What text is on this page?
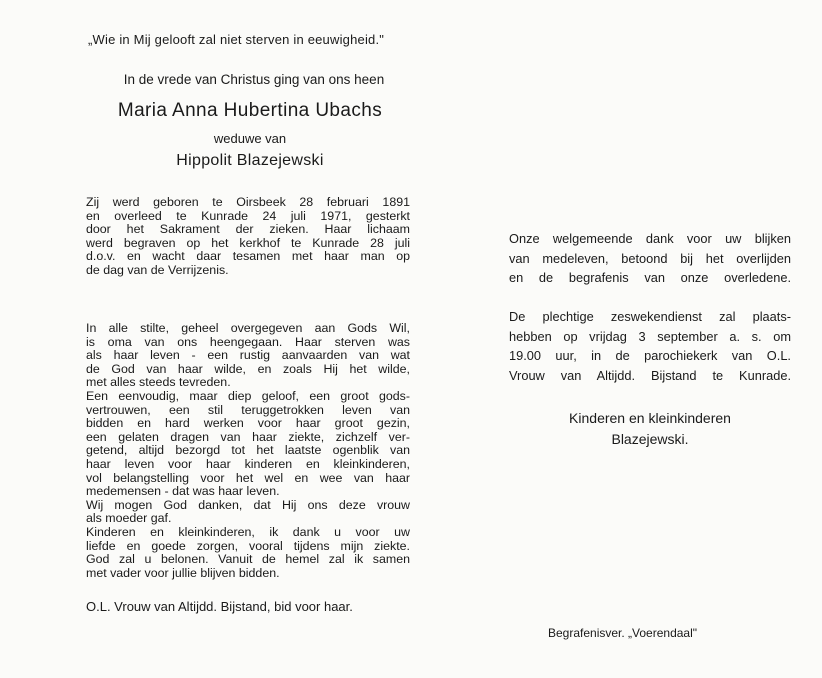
„Wie in Mij gelooft zal niet sterven in eeuwigheid."
In de vrede van Christus ging van ons heen
Maria Anna Hubertina Ubachs
weduwe van
Hippolit Blazejewski
Zij werd geboren te Oirsbeek 28 februari 1891
en overleed te Kunrade 24 juli 1971, gesterkt
door het Sakrament der zieken. Haar lichaam
werd begraven op het kerkhof te Kunrade 28 juli
d.o.v. en wacht daar tesamen met haar man op
de dag van de Verrijzenis.
In alle stilte, geheel overgegeven aan Gods Wil,
is oma van ons heengegaan. Haar sterven was
als haar leven - een rustig aanvaarden van wat
de God van haar wilde, en zoals Hij het wilde,
met alles steeds tevreden.
Een eenvoudig, maar diep geloof, een groot gods-
vertrouwen, een stil teruggetrokken leven van
bidden en hard werken voor haar groot gezin,
een gelaten dragen van haar ziekte, zichzelf ver-
getend, altijd bezorgd tot het laatste ogenblik van
haar leven voor haar kinderen en kleinkinderen,
vol belangstelling voor het wel en wee van haar
medemensen - dat was haar leven.
Wij mogen God danken, dat Hij ons deze vrouw
als moeder gaf.
Kinderen en kleinkinderen, ik dank u voor uw
liefde en goede zorgen, vooral tijdens mijn ziekte.
God zal u belonen. Vanuit de hemel zal ik samen
met vader voor jullie blijven bidden.
O.L. Vrouw van Altijdd. Bijstand, bid voor haar.
Onze welgemeende dank voor uw blijken
van medeleven, betoond bij het overlijden
en de begrafenis van onze overledene.
De plechtige zeswekendienst zal plaats-
hebben op vrijdag 3 september a. s. om
19.00 uur, in de parochiekerk van O.L.
Vrouw van Altijdd. Bijstand te Kunrade.
Kinderen en kleinkinderen
Blazejewski.
Begrafenisver. „Voerendaal"
